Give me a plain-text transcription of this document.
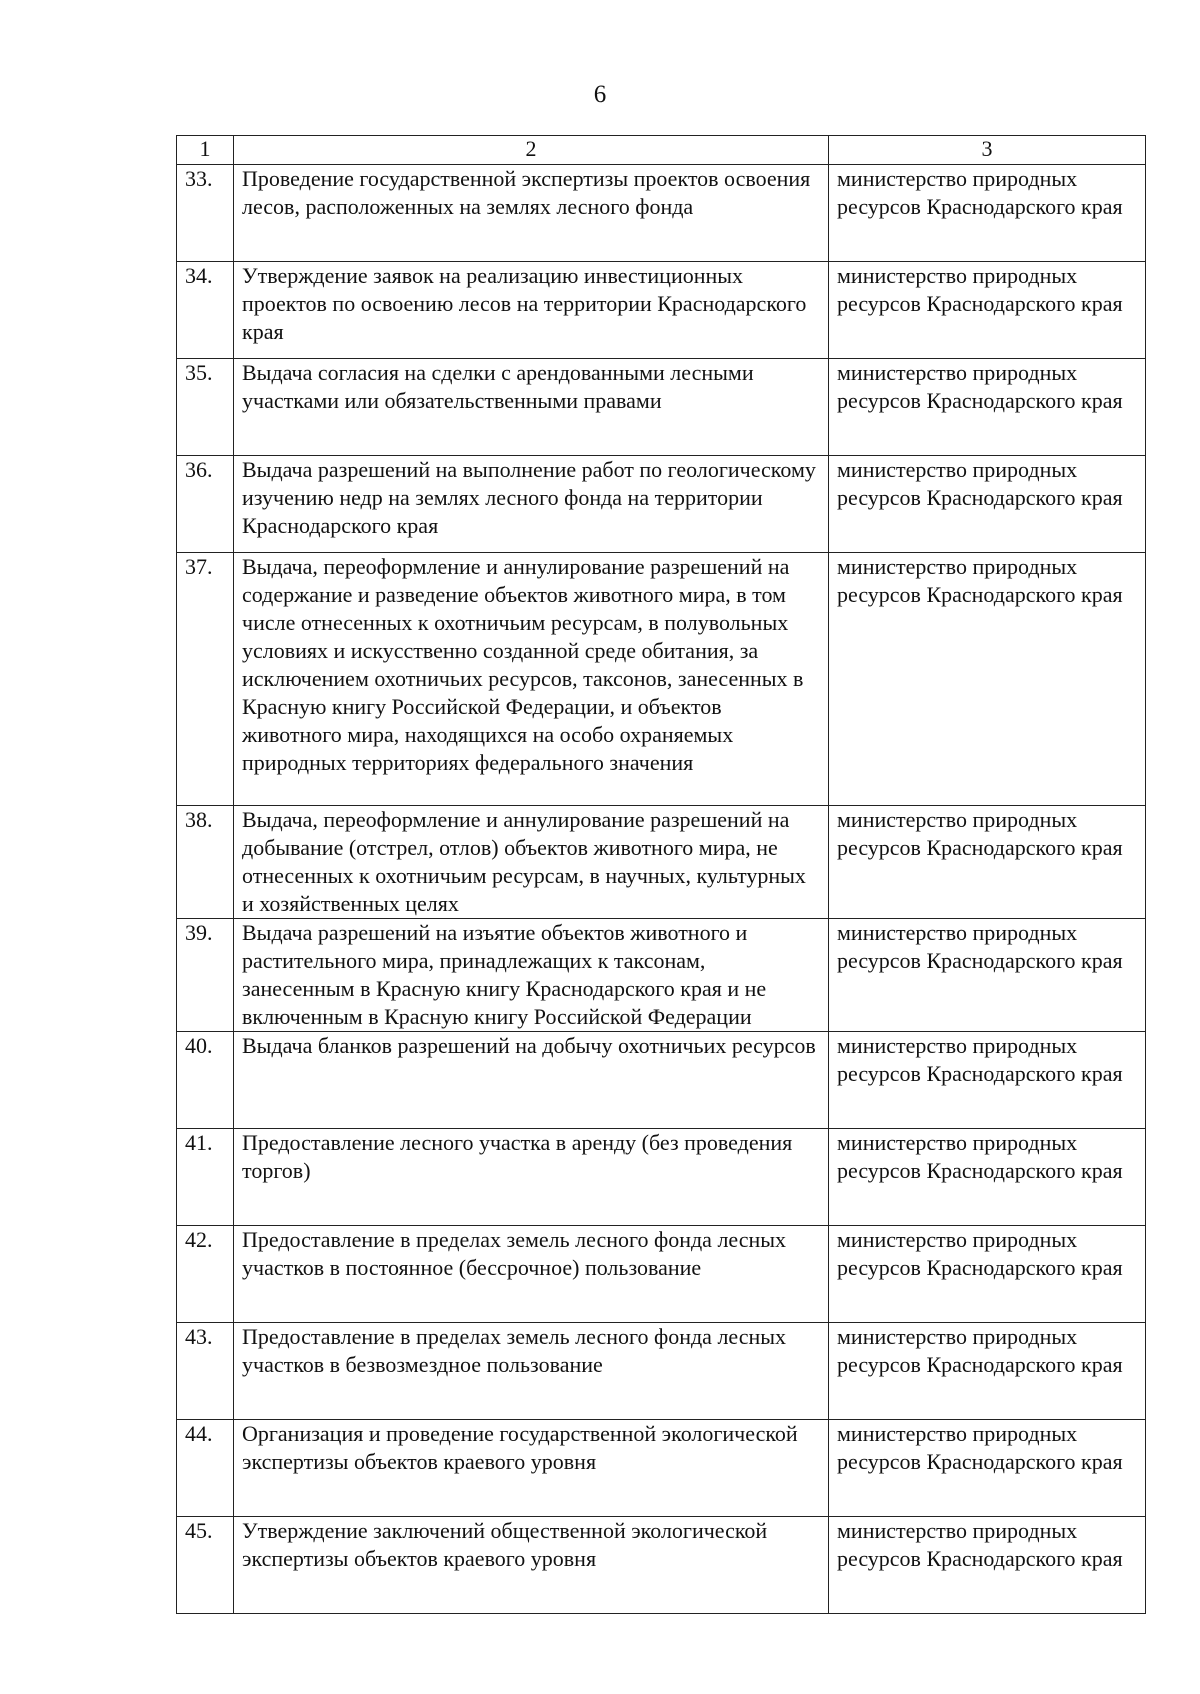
6
1	2	3
33.	Проведение государственной экспертизы проектов освоения лесов, расположенных на землях лесного фонда	министерство природных ресурсов Краснодарского края
34.	Утверждение заявок на реализацию инвестиционных проектов по освоению лесов на территории Краснодарского края	министерство природных ресурсов Краснодарского края
35.	Выдача согласия на сделки с арендованными лесными участками или обязательственными правами	министерство природных ресурсов Краснодарского края
36.	Выдача разрешений на выполнение работ по геологическому изучению недр на землях лесного фонда на территории Краснодарского края	министерство природных ресурсов Краснодарского края
37.	Выдача, переоформление и аннулирование разрешений на содержание и разведение объектов животного мира, в том числе отнесенных к охотничьим ресурсам, в полувольных условиях и искусственно созданной среде обитания, за исключением охотничьих ресурсов, таксонов, занесенных в Красную книгу Российской Федерации, и объектов животного мира, находящихся на особо охраняемых природных территориях федерального значения	министерство природных ресурсов Краснодарского края
38.	Выдача, переоформление и аннулирование разрешений на добывание (отстрел, отлов) объектов животного мира, не отнесенных к охотничьим ресурсам, в научных, культурных и хозяйственных целях	министерство природных ресурсов Краснодарского края
39.	Выдача разрешений на изъятие объектов животного и растительного мира, принадлежащих к таксонам, занесенным в Красную книгу Краснодарского края и не включенным в Красную книгу Российской Федерации	министерство природных ресурсов Краснодарского края
40.	Выдача бланков разрешений на добычу охотничьих ресурсов	министерство природных ресурсов Краснодарского края
41.	Предоставление лесного участка в аренду (без проведения торгов)	министерство природных ресурсов Краснодарского края
42.	Предоставление в пределах земель лесного фонда лесных участков в постоянное (бессрочное) пользование	министерство природных ресурсов Краснодарского края
43.	Предоставление в пределах земель лесного фонда лесных участков в безвозмездное пользование	министерство природных ресурсов Краснодарского края
44.	Организация и проведение государственной экологической экспертизы объектов краевого уровня	министерство природных ресурсов Краснодарского края
45.	Утверждение заключений общественной экологической экспертизы объектов краевого уровня	министерство природных ресурсов Краснодарского края
